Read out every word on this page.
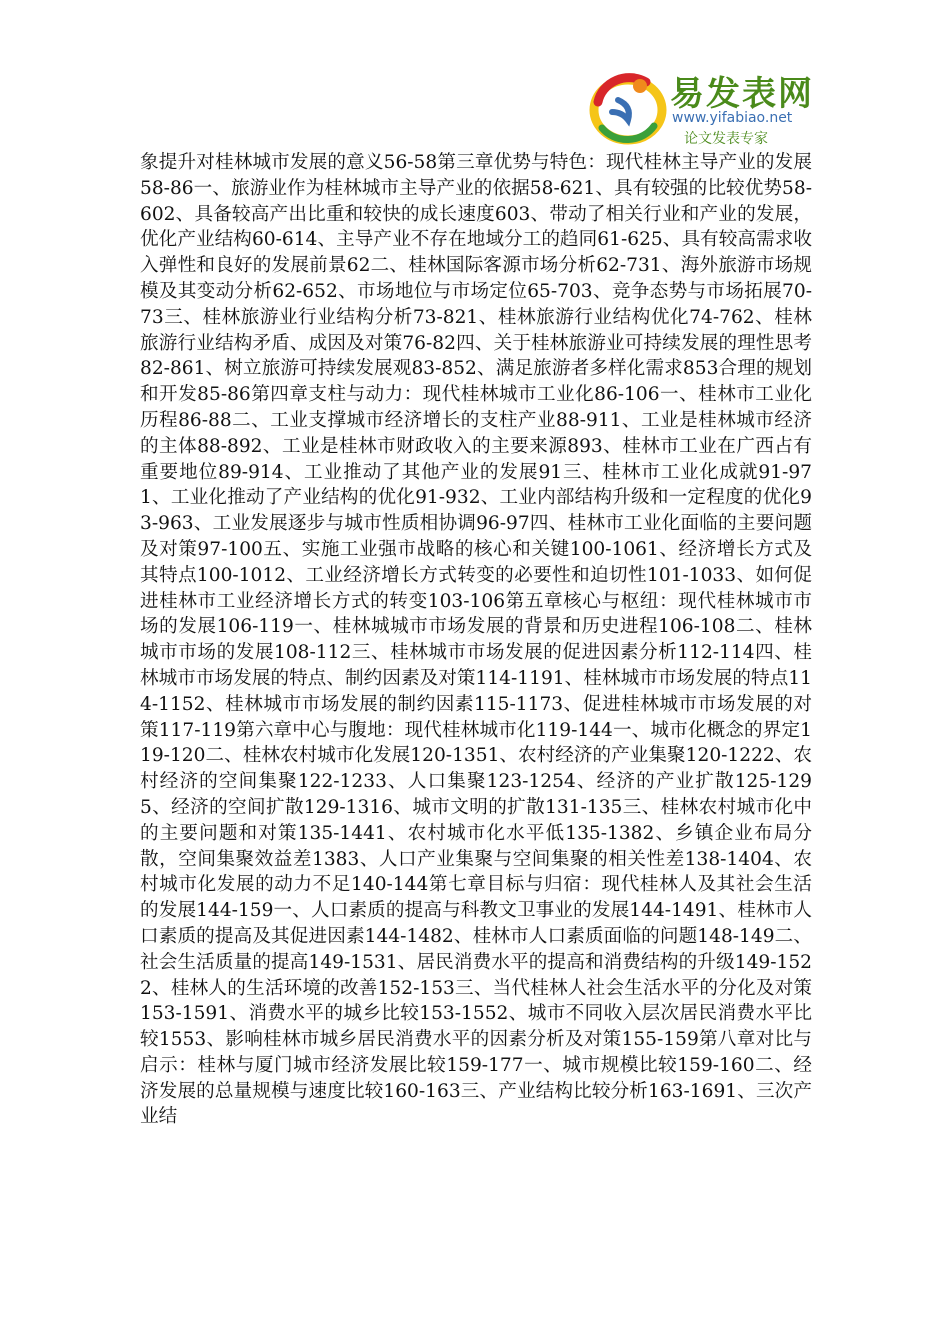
易发表网
www.yifabiao.net
论文发表专家

象提升对桂林城市发展的意义56-58第三章优势与特色：现代桂林主导产业的发展58-86一、旅游业作为桂林城市主导产业的依据58-621、具有较强的比较优势58-602、具备较高产出比重和较快的成长速度603、带动了相关行业和产业的发展，优化产业结构60-614、主导产业不存在地域分工的趋同61-625、具有较高需求收入弹性和良好的发展前景62二、桂林国际客源市场分析62-731、海外旅游市场规模及其变动分析62-652、市场地位与市场定位65-703、竞争态势与市场拓展70-73三、桂林旅游业行业结构分析73-821、桂林旅游行业结构优化74-762、桂林旅游行业结构矛盾、成因及对策76-82四、关于桂林旅游业可持续发展的理性思考82-861、树立旅游可持续发展观83-852、满足旅游者多样化需求853合理的规划和开发85-86第四章支柱与动力：现代桂林城市工业化86-106一、桂林市工业化历程86-88二、工业支撑城市经济增长的支柱产业88-911、工业是桂林城市经济的主体88-892、工业是桂林市财政收入的主要来源893、桂林市工业在广西占有重要地位89-914、工业推动了其他产业的发展91三、桂林市工业化成就91-971、工业化推动了产业结构的优化91-932、工业内部结构升级和一定程度的优化93-963、工业发展逐步与城市性质相协调96-97四、桂林市工业化面临的主要问题及对策97-100五、实施工业强市战略的核心和关键100-1061、经济增长方式及其特点100-1012、工业经济增长方式转变的必要性和迫切性101-1033、如何促进桂林市工业经济增长方式的转变103-106第五章核心与枢纽：现代桂林城市市场的发展106-119一、桂林城城市市场发展的背景和历史进程106-108二、桂林城市市场的发展108-112三、桂林城市市场发展的促进因素分析112-114四、桂林城市市场发展的特点、制约因素及对策114-1191、桂林城市市场发展的特点114-1152、桂林城市市场发展的制约因素115-1173、促进桂林城市市场发展的对策117-119第六章中心与腹地：现代桂林城市化119-144一、城市化概念的界定119-120二、桂林农村城市化发展120-1351、农村经济的产业集聚120-1222、农村经济的空间集聚122-1233、人口集聚123-1254、经济的产业扩散125-1295、经济的空间扩散129-1316、城市文明的扩散131-135三、桂林农村城市化中的主要问题和对策135-1441、农村城市化水平低135-1382、乡镇企业布局分散，空间集聚效益差1383、人口产业集聚与空间集聚的相关性差138-1404、农村城市化发展的动力不足140-144第七章目标与归宿：现代桂林人及其社会生活的发展144-159一、人口素质的提高与科教文卫事业的发展144-1491、桂林市人口素质的提高及其促进因素144-1482、桂林市人口素质面临的问题148-149二、社会生活质量的提高149-1531、居民消费水平的提高和消费结构的升级149-1522、桂林人的生活环境的改善152-153三、当代桂林人社会生活水平的分化及对策153-1591、消费水平的城乡比较153-1552、城市不同收入层次居民消费水平比较1553、影响桂林市城乡居民消费水平的因素分析及对策155-159第八章对比与启示：桂林与厦门城市经济发展比较159-177一、城市规模比较159-160二、经济发展的总量规模与速度比较160-163三、产业结构比较分析163-1691、三次产业结
